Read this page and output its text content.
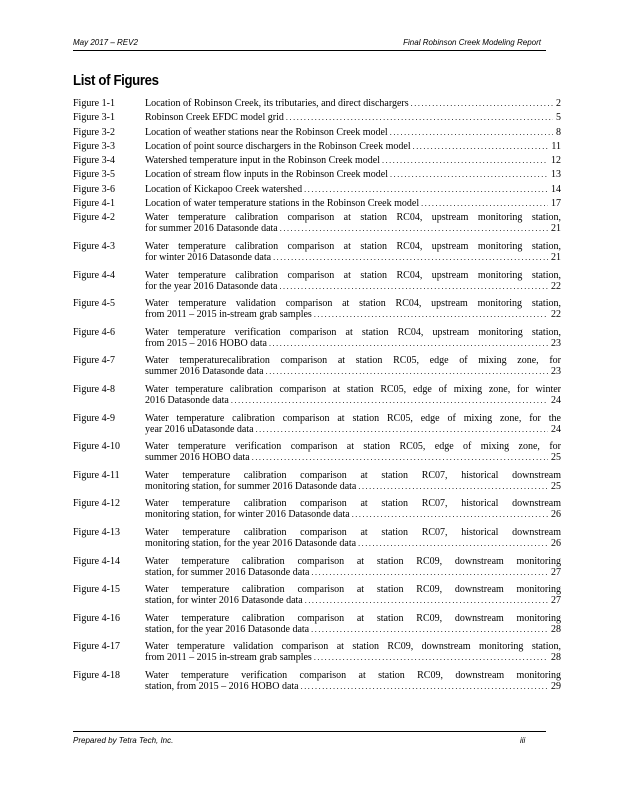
May 2017 – REV2	Final Robinson Creek Modeling Report
List of Figures
Figure 1-1	Location of Robinson Creek, its tributaries, and direct dischargers .....	2
Figure 3-1	Robinson Creek EFDC model grid .....	5
Figure 3-2	Location of weather stations near the Robinson Creek model .....	8
Figure 3-3	Location of point source dischargers in the Robinson Creek model .....	11
Figure 3-4	Watershed temperature input in the Robinson Creek model .....	12
Figure 3-5	Location of stream flow inputs in the Robinson Creek model .....	13
Figure 3-6	Location of Kickapoo Creek watershed .....	14
Figure 4-1	Location of water temperature stations in the Robinson Creek model .....	17
Figure 4-2	Water temperature calibration comparison at station RC04, upstream monitoring station,
for summer 2016 Datasonde data .....	21
Figure 4-3	Water temperature calibration comparison at station RC04, upstream monitoring station,
for winter 2016 Datasonde data .....	21
Figure 4-4	Water temperature calibration comparison at station RC04, upstream monitoring station,
for the year 2016 Datasonde data .....	22
Figure 4-5	Water temperature validation comparison at station RC04, upstream monitoring station,
from 2011 – 2015 in-stream grab samples .....	22
Figure 4-6	Water temperature verification comparison at station RC04, upstream monitoring station,
from 2015 – 2016 HOBO data .....	23
Figure 4-7	Water temperaturecalibration comparison at station RC05, edge of mixing zone, for
summer 2016 Datasonde data .....	23
Figure 4-8	Water temperature calibration comparison at station RC05, edge of mixing zone, for winter
2016 Datasonde data .....	24
Figure 4-9	Water temperature calibration comparison at station RC05, edge of mixing zone, for the
year 2016 uDatasonde data .....	24
Figure 4-10	Water temperature verification comparison at station RC05, edge of mixing zone, for
summer 2016 HOBO data .....	25
Figure 4-11	Water temperature calibration comparison at station RC07, historical downstream
monitoring station, for summer 2016 Datasonde data .....	25
Figure 4-12	Water temperature calibration comparison at station RC07, historical downstream
monitoring station, for winter 2016 Datasonde data .....	26
Figure 4-13	Water temperature calibration comparison at station RC07, historical downstream
monitoring station, for the year 2016 Datasonde data .....	26
Figure 4-14	Water temperature calibration comparison at station RC09, downstream monitoring
station, for summer 2016 Datasonde data .....	27
Figure 4-15	Water temperature calibration comparison at station RC09, downstream monitoring
station, for winter 2016 Datasonde data .....	27
Figure 4-16	Water temperature calibration comparison at station RC09, downstream monitoring
station, for the year 2016 Datasonde data .....	28
Figure 4-17	Water temperature validation comparison at station RC09, downstream monitoring station,
from 2011 – 2015 in-stream grab samples .....	28
Figure 4-18	Water temperature verification comparison at station RC09, downstream monitoring
station, from 2015 – 2016 HOBO data .....	29
Prepared by Tetra Tech, Inc.	iii
